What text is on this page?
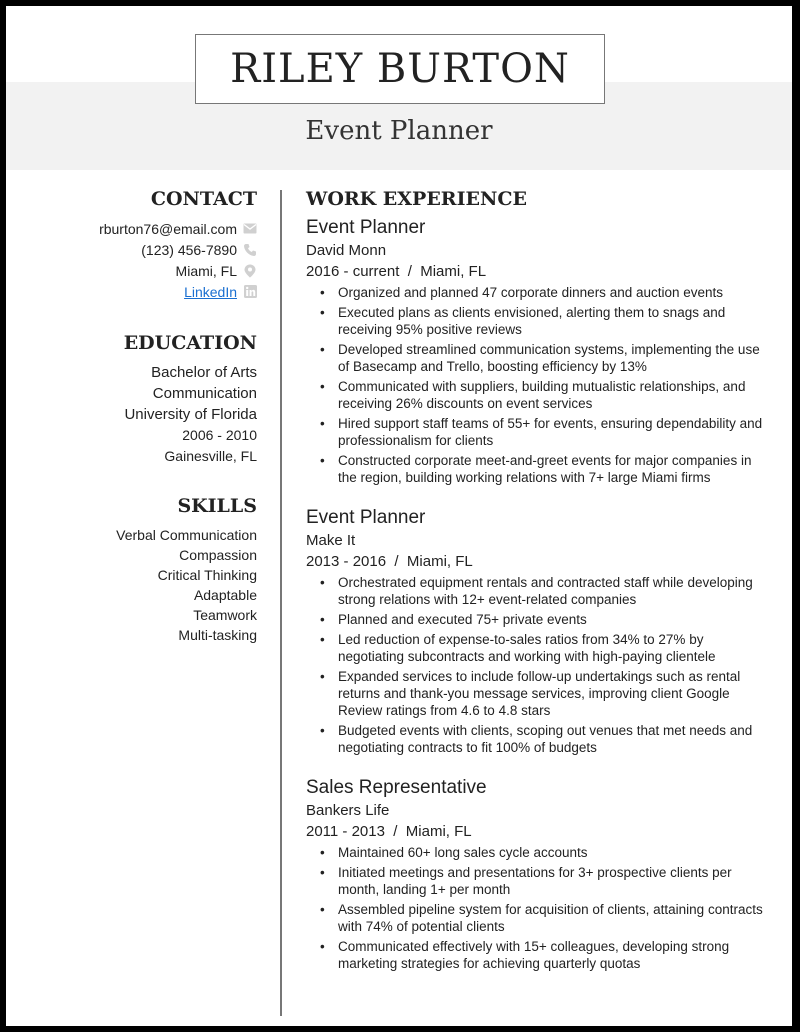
RILEY BURTON
Event Planner
CONTACT
rburton76@email.com
(123) 456-7890
Miami, FL
LinkedIn
EDUCATION
Bachelor of Arts
Communication
University of Florida
2006 - 2010
Gainesville, FL
SKILLS
Verbal Communication
Compassion
Critical Thinking
Adaptable
Teamwork
Multi-tasking
WORK EXPERIENCE
Event Planner
David Monn
2016 - current  /  Miami, FL
• Organized and planned 47 corporate dinners and auction events
• Executed plans as clients envisioned, alerting them to snags and receiving 95% positive reviews
• Developed streamlined communication systems, implementing the use of Basecamp and Trello, boosting efficiency by 13%
• Communicated with suppliers, building mutualistic relationships, and receiving 26% discounts on event services
• Hired support staff teams of 55+ for events, ensuring dependability and professionalism for clients
• Constructed corporate meet-and-greet events for major companies in the region, building working relations with 7+ large Miami firms
Event Planner
Make It
2013 - 2016  /  Miami, FL
• Orchestrated equipment rentals and contracted staff while developing strong relations with 12+ event-related companies
• Planned and executed 75+ private events
• Led reduction of expense-to-sales ratios from 34% to 27% by negotiating subcontracts and working with high-paying clientele
• Expanded services to include follow-up undertakings such as rental returns and thank-you message services, improving client Google Review ratings from 4.6 to 4.8 stars
• Budgeted events with clients, scoping out venues that met needs and negotiating contracts to fit 100% of budgets
Sales Representative
Bankers Life
2011 - 2013  /  Miami, FL
• Maintained 60+ long sales cycle accounts
• Initiated meetings and presentations for 3+ prospective clients per month, landing 1+ per month
• Assembled pipeline system for acquisition of clients, attaining contracts with 74% of potential clients
• Communicated effectively with 15+ colleagues, developing strong marketing strategies for achieving quarterly quotas
